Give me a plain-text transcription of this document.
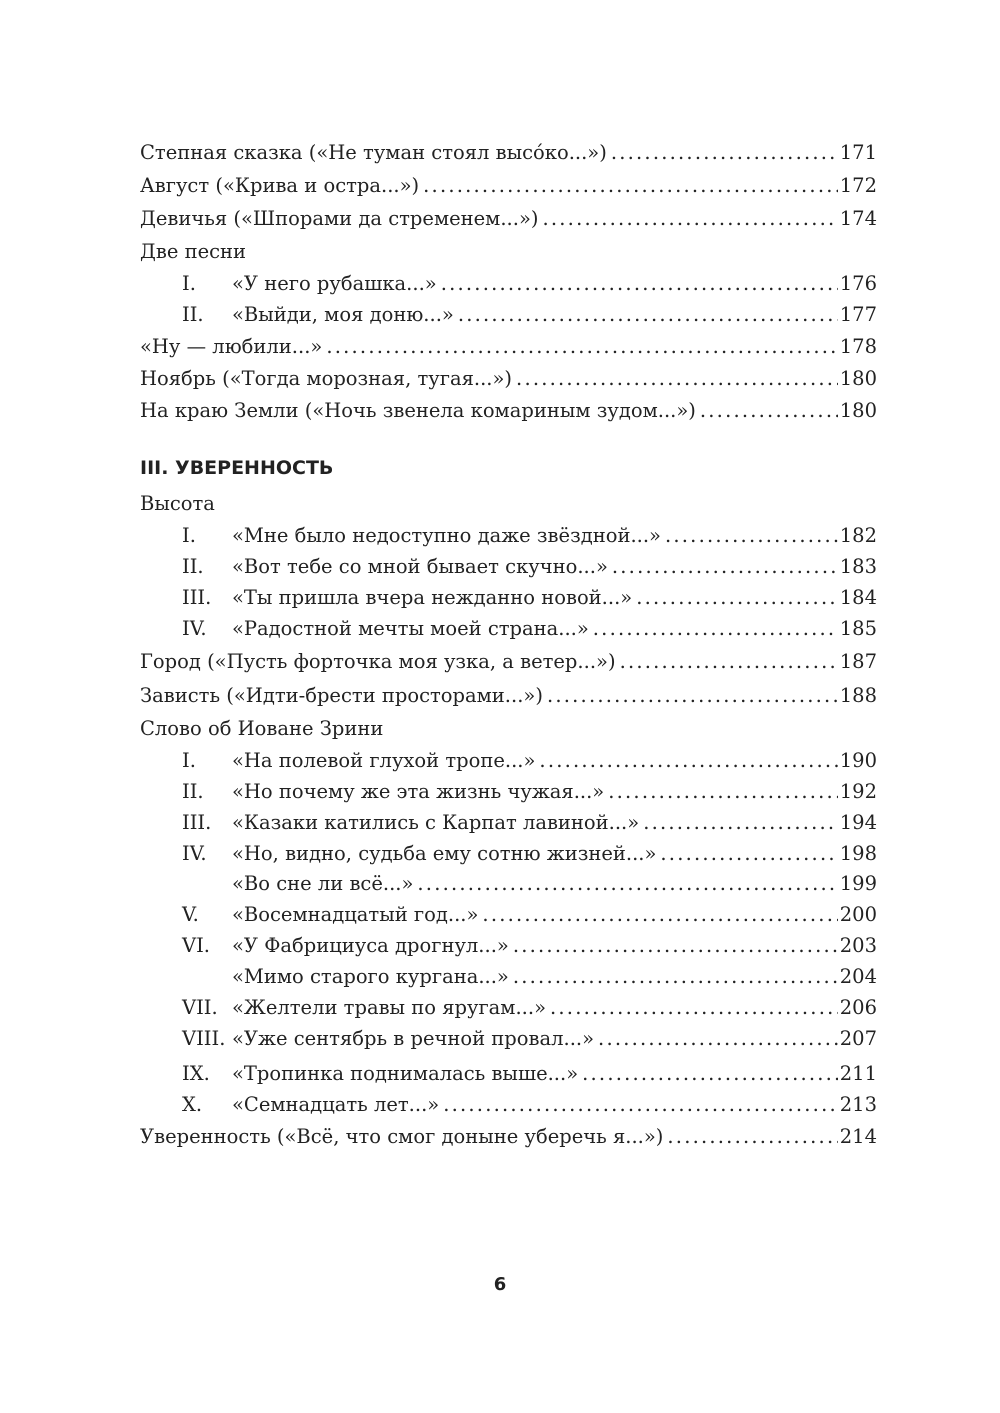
Степная сказка («Не туман стоял высо́ко...») . . .	171
Август («Крива и остра...») . . .	172
Девичья («Шпорами да стременем...») . . .	174
Две песни
I.	«У него рубашка...» . . .	176
II.	«Выйди, моя доню...» . . .	177
«Ну — любили...» . . .	178
Ноябрь («Тогда морозная, тугая...») . . .	180
На краю Земли («Ночь звенела комариным зудом...») . . .	180
III. УВЕРЕННОСТЬ
Высота
I.	«Мне было недоступно даже звёздной...» . . .	182
II.	«Вот тебе со мной бывает скучно...» . . .	183
III.	«Ты пришла вчера нежданно новой...» . . .	184
IV.	«Радостной мечты моей страна...» . . .	185
Город («Пусть форточка моя узка, а ветер...») . . .	187
Зависть («Идти-брести просторами...») . . .	188
Слово об Иоване Зрини
I.	«На полевой глухой тропе...» . . .	190
II.	«Но почему же эта жизнь чужая...» . . .	192
III.	«Казаки катились с Карпат лавиной...» . . .	194
IV.	«Но, видно, судьба ему сотню жизней...» . . .	198
«Во сне ли всё...» . . .	199
V.	«Восемнадцатый год...» . . .	200
VI.	«У Фабрициуса дрогнул...» . . .	203
«Мимо старого кургана...» . . .	204
VII. «Желтели травы по яругам...» . . .	206
VIII. «Уже сентябрь в речной провал...» . . .	207
IX.	«Тропинка поднималась выше...» . . .	211
X.	«Семнадцать лет...» . . .	213
Уверенность («Всё, что смог доныне уберечь я...») . . .	214
6
